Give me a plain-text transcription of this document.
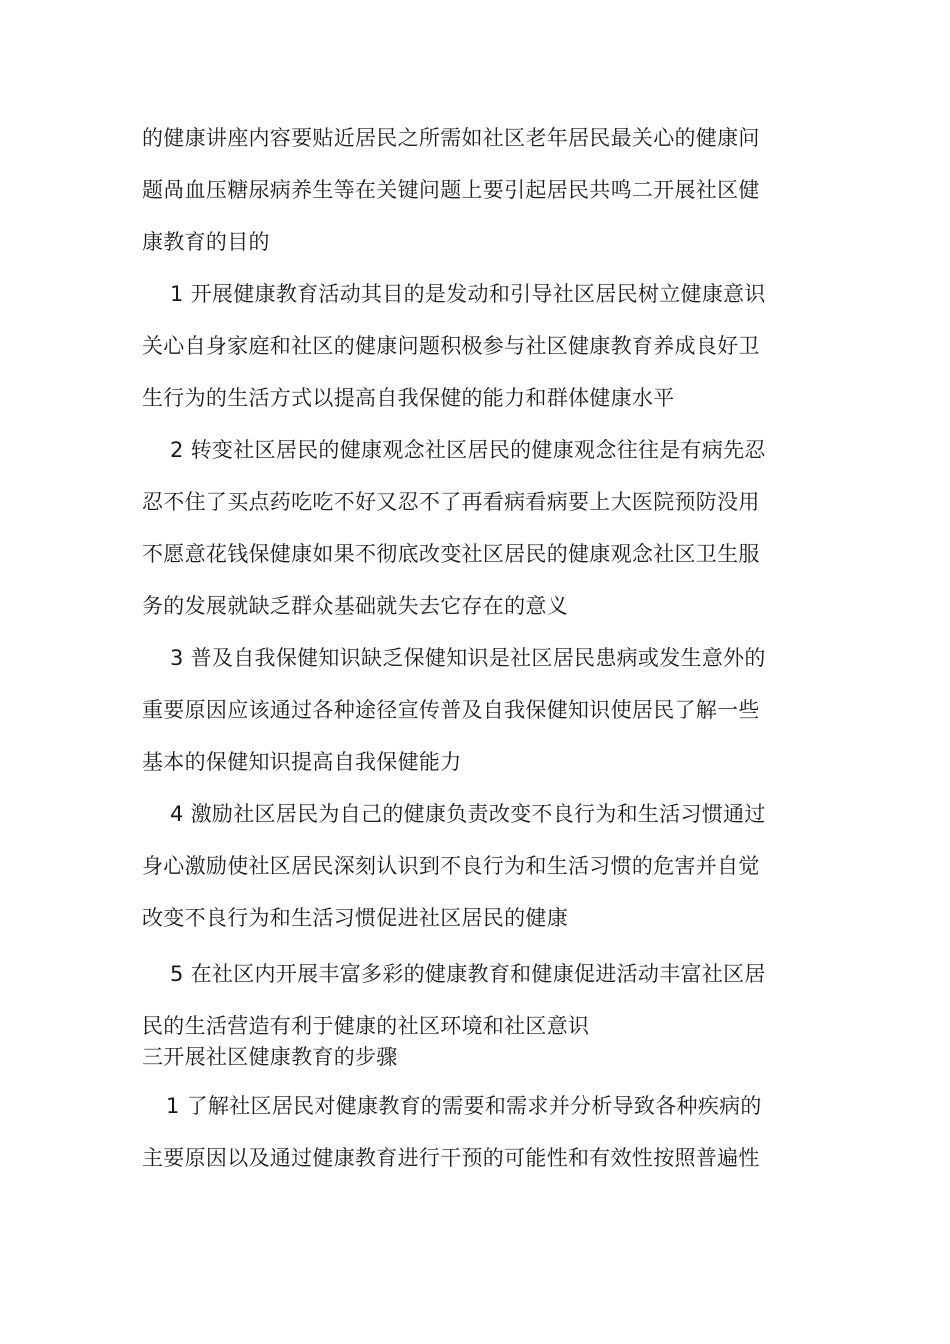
的健康讲座内容要贴近居民之所需如社区老年居民最关心的健康问
题咼血压糖尿病养生等在关键问题上要引起居民共鸣二开展社区健
康教育的目的
1 开展健康教育活动其目的是发动和引导社区居民树立健康意识
关心自身家庭和社区的健康问题积极参与社区健康教育养成良好卫
生行为的生活方式以提高自我保健的能力和群体健康水平
2 转变社区居民的健康观念社区居民的健康观念往往是有病先忍
忍不住了买点药吃吃不好又忍不了再看病看病要上大医院预防没用
不愿意花钱保健康如果不彻底改变社区居民的健康观念社区卫生服
务的发展就缺乏群众基础就失去它存在的意义
3 普及自我保健知识缺乏保健知识是社区居民患病或发生意外的
重要原因应该通过各种途径宣传普及自我保健知识使居民了解一些
基本的保健知识提高自我保健能力
4 激励社区居民为自己的健康负责改变不良行为和生活习惯通过
身心激励使社区居民深刻认识到不良行为和生活习惯的危害并自觉
改变不良行为和生活习惯促进社区居民的健康
5 在社区内开展丰富多彩的健康教育和健康促进活动丰富社区居
民的生活营造有利于健康的社区环境和社区意识
三开展社区健康教育的步骤
1 了解社区居民对健康教育的需要和需求并分析导致各种疾病的
主要原因以及通过健康教育进行干预的可能性和有效性按照普遍性
